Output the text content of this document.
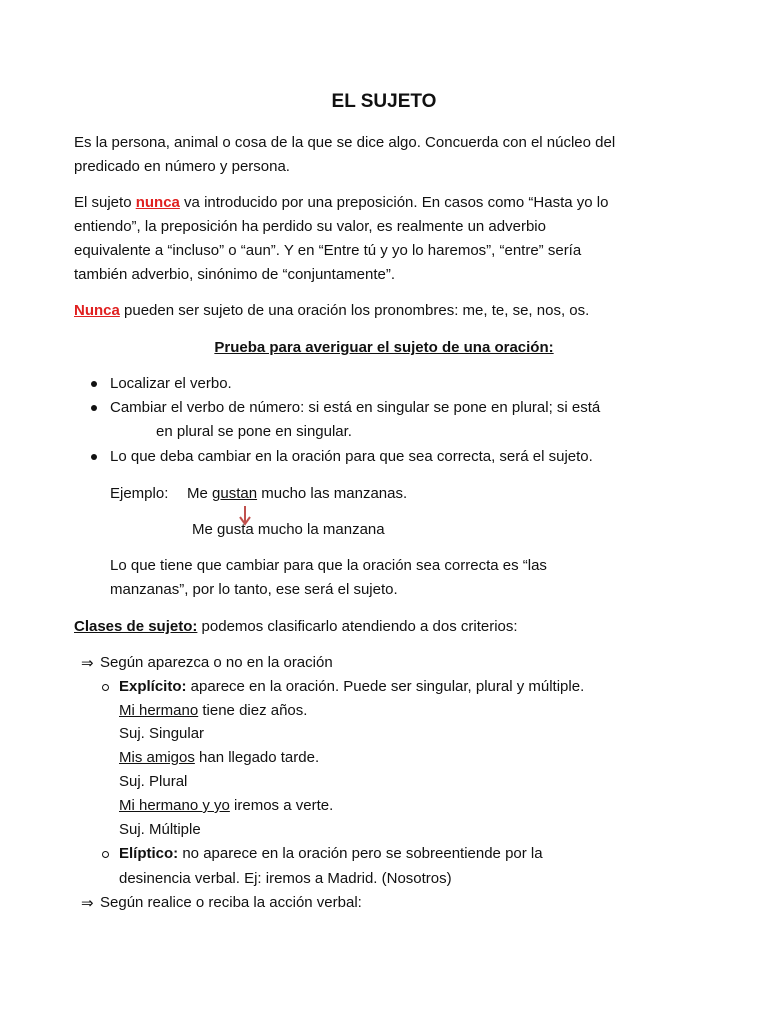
EL SUJETO
Es la persona, animal o cosa de la que se dice algo. Concuerda con el núcleo del
predicado en número y persona.
El sujeto nunca va introducido por una preposición. En casos como “Hasta yo lo
entiendo”, la preposición ha perdido su valor, es realmente un adverbio
equivalente a “incluso” o “aun”. Y en “Entre tú y yo lo haremos”, “entre” sería
también adverbio, sinónimo de “conjuntamente”.
Nunca pueden ser sujeto de una oración los pronombres: me, te, se, nos, os.
Prueba para averiguar el sujeto de una oración:
Localizar el verbo.
Cambiar el verbo de número: si está en singular se pone en plural; si está
en plural se pone en singular.
Lo que deba cambiar en la oración para que sea correcta, será el sujeto.
Ejemplo: Me gustan mucho las manzanas.
Me gusta mucho la manzana
Lo que tiene que cambiar para que la oración sea correcta es “las
manzanas”, por lo tanto, ese será el sujeto.
Clases de sujeto: podemos clasificarlo atendiendo a dos criterios:
⇒ Según aparezca o no en la oración
Explícito: aparece en la oración. Puede ser singular, plural y múltiple.
Mi hermano tiene diez años.
Suj. Singular
Mis amigos han llegado tarde.
Suj. Plural
Mi hermano y yo iremos a verte.
Suj. Múltiple
Elíptico: no aparece en la oración pero se sobreentiende por la
desinencia verbal. Ej: iremos a Madrid. (Nosotros)
⇒ Según realice o reciba la acción verbal:
